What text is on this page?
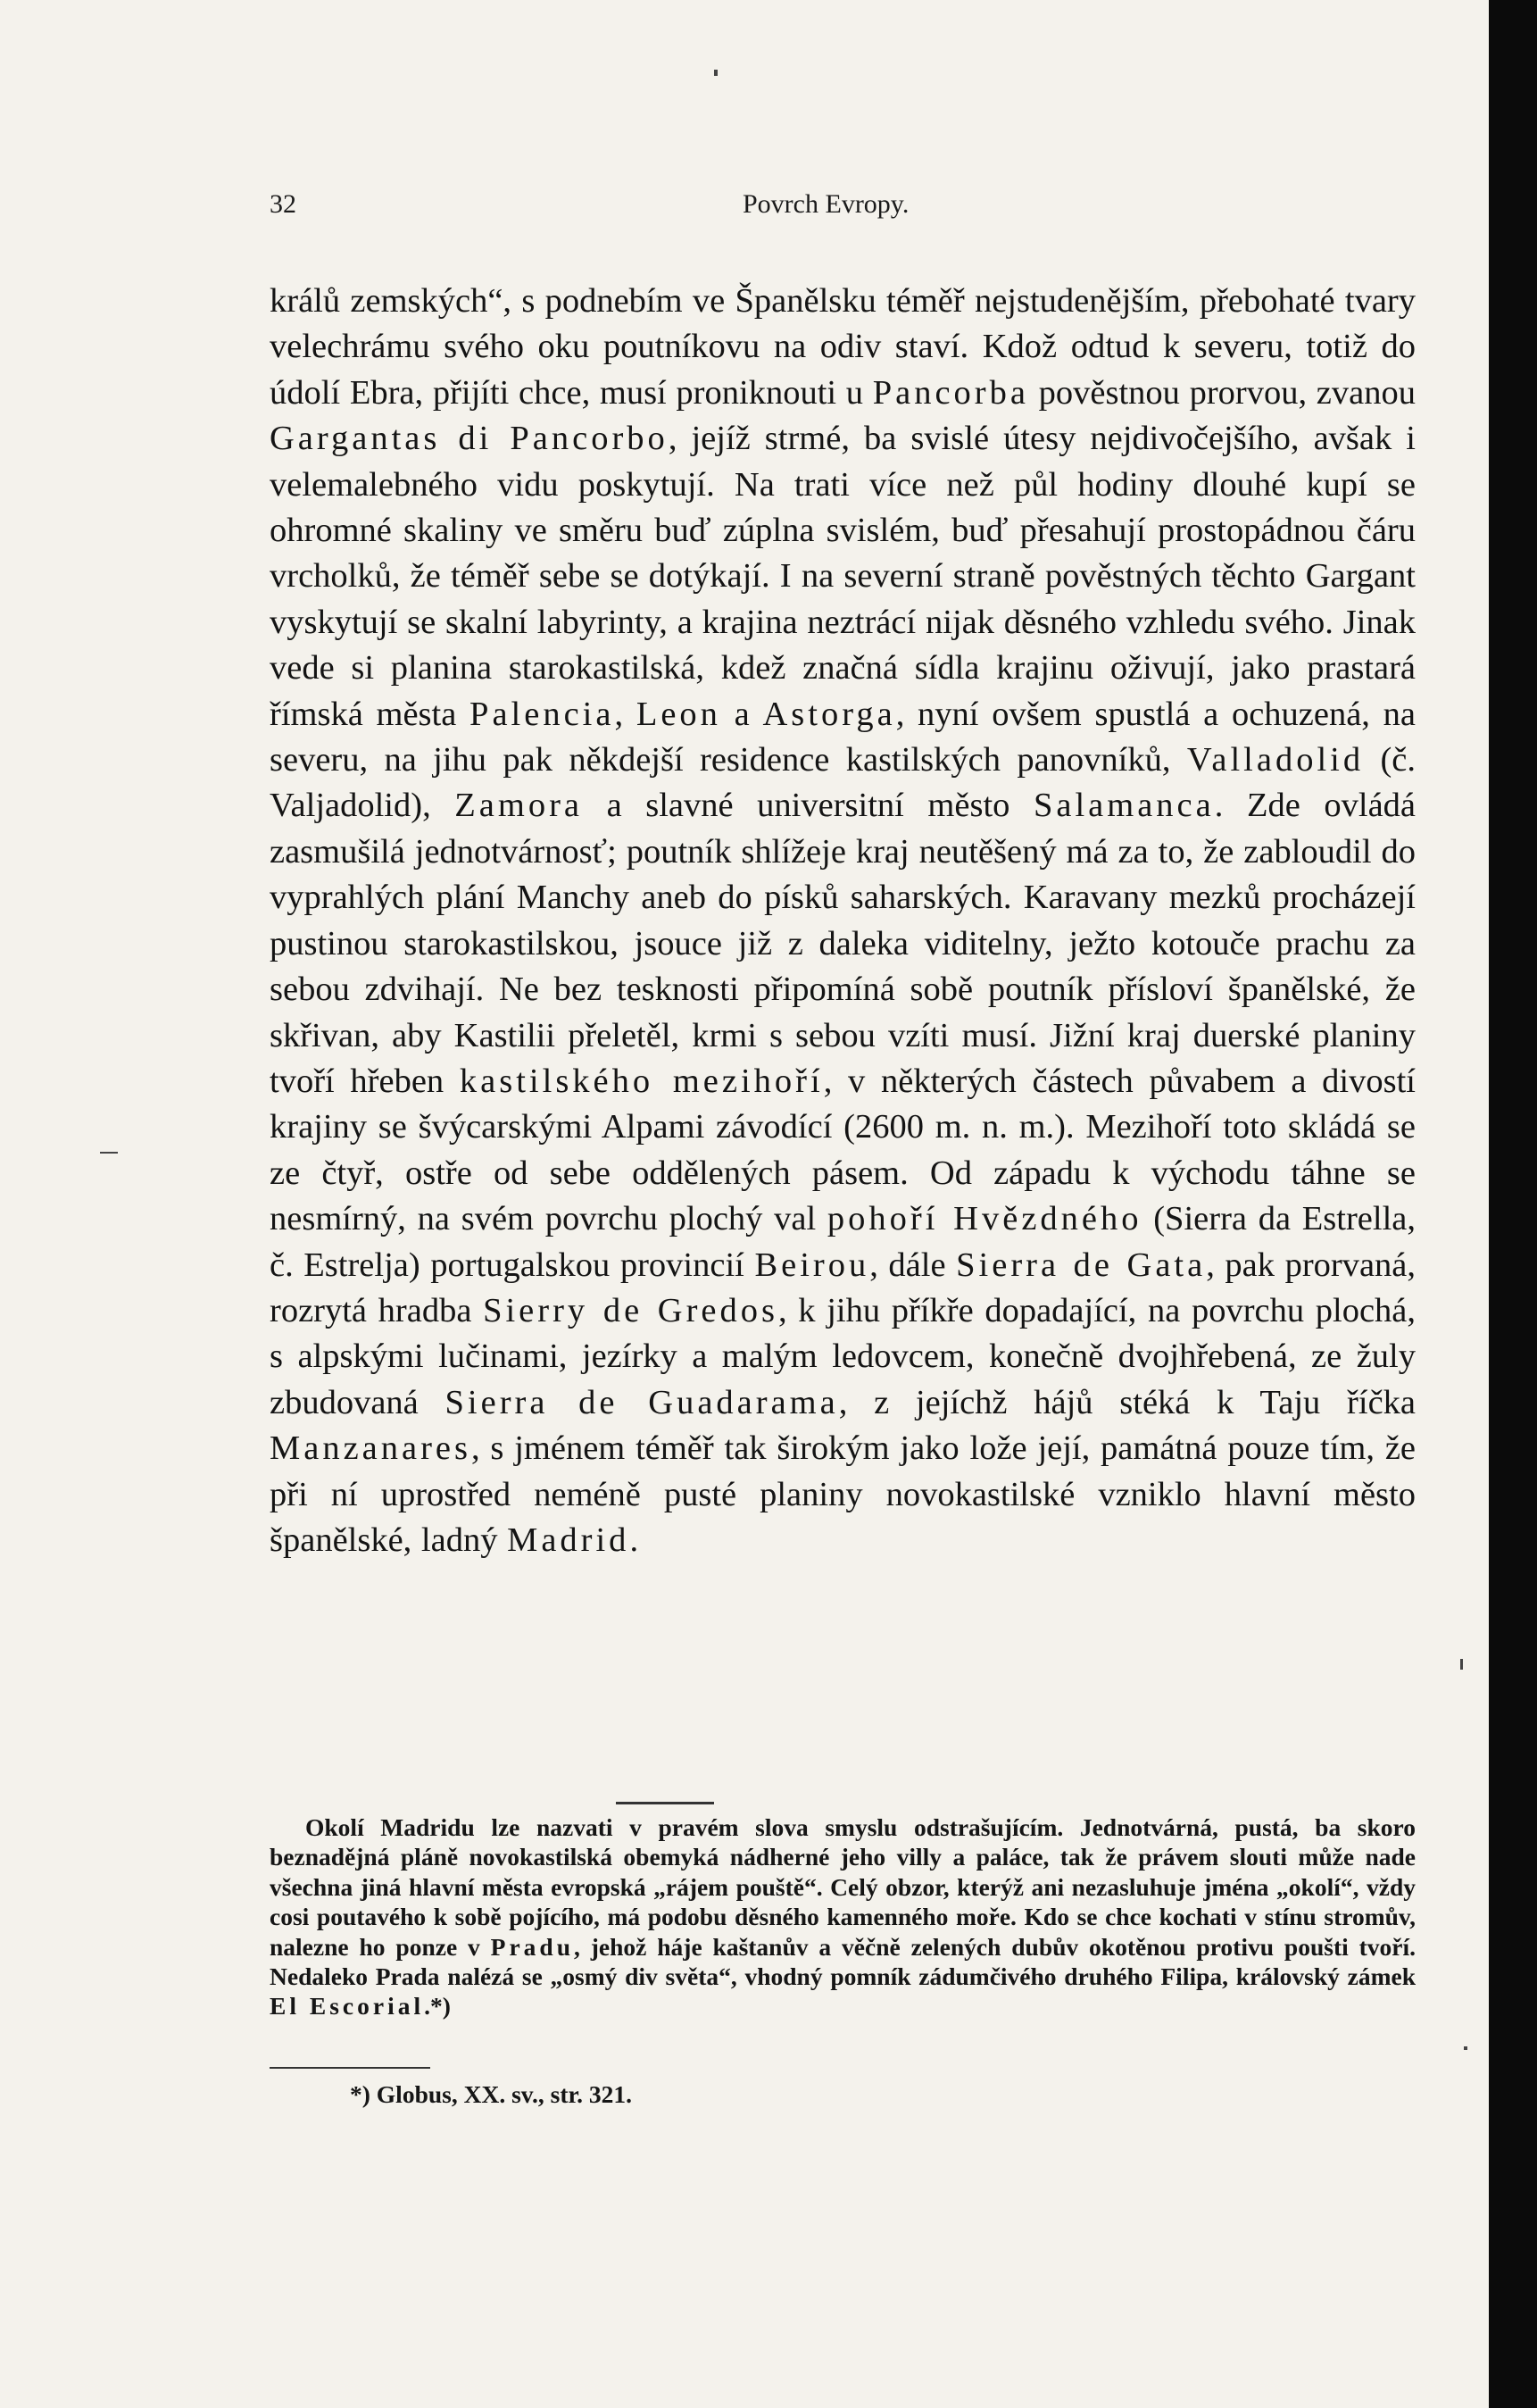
32	Povrch Evropy.

králů zemských“, s podnebím ve Španělsku téměř nejstudenějším, přebohaté tvary velechrámu svého oku poutníkovu na odiv staví. Kdož odtud k severu, totiž do údolí Ebra, přijíti chce, musí proniknouti u Pancorba pověstnou prorvou, zvanou Gargantas di Pancorbo, jejíž strmé, ba svislé útesy nejdivočejšího, avšak i velemalebného vidu poskytují. Na trati více než půl hodiny dlouhé kupí se ohromné skaliny ve směru buď zúplna svislém, buď přesahují prostopádnou čáru vrcholků, že téměř sebe se dotýkají. I na severní straně pověstných těchto Gargant vyskytují se skalní labyrinty, a krajina neztrácí nijak děsného vzhledu svého. Jinak vede si planina starokastilská, kdež značná sídla krajinu oživují, jako prastará římská města Palencia, Leon a Astorga, nyní ovšem spustlá a ochuzená, na severu, na jihu pak někdejší residence kastilských panovníků, Valladolid (č. Valjadolid), Zamora a slavné universitní město Salamanca. Zde ovládá zasmušilá jednotvárnosť; poutník shlížeje kraj neutěšený má za to, že zabloudil do vyprahlých plání Manchy aneb do písků saharských. Karavany mezků procházejí pustinou starokastilskou, jsouce již z daleka viditelny, ježto kotouče prachu za sebou zdvihají. Ne bez tesknosti připomíná sobě poutník přísloví španělské, že skřivan, aby Kastilii přeletěl, krmi s sebou vzíti musí. Jižní kraj duerské planiny tvoří hřeben kastilského mezihoří, v některých částech půvabem a divostí krajiny se švýcarskými Alpami závodící (2600 m. n. m.). Mezihoří toto skládá se ze čtyř, ostře od sebe oddělených pásem. Od západu k východu táhne se nesmírný, na svém povrchu plochý val pohoří Hvězdného (Sierra da Estrella, č. Estrelja) portugalskou provincií Beirou, dále Sierra de Gata, pak prorvaná, rozrytá hradba Sierry de Gredos, k jihu příkře dopadající, na povrchu plochá, s alpskými lučinami, jezírky a malým ledovcem, konečně dvojhřebená, ze žuly zbudovaná Sierra de Guadarama, z jejíchž hájů stéká k Taju říčka Manzanares, s jménem téměř tak širokým jako lože její, památná pouze tím, že při ní uprostřed neméně pusté planiny novokastilské vzniklo hlavní město španělské, ladný Madrid.

Okolí Madridu lze nazvati v pravém slova smyslu odstrašujícím. Jednotvárná, pustá, ba skoro beznadějná pláně novokastilská obemyká nádherné jeho villy a paláce, tak že právem slouti může nade všechna jiná hlavní města evropská „rájem pouště“. Celý obzor, kterýž ani nezasluhuje jména „okolí“, vždy cosi poutavého k sobě pojícího, má podobu děsného kamenného moře. Kdo se chce kochati v stínu stromův, nalezne ho ponze v Pradu, jehož háje kaštanův a věčně zelených dubův okotěnou protivu poušti tvoří. Nedaleko Prada nalézá se „osmý div světa“, vhodný pomník zádumčivého druhého Filipa, královský zámek El Escorial.*)

*) Globus, XX. sv., str. 321.
